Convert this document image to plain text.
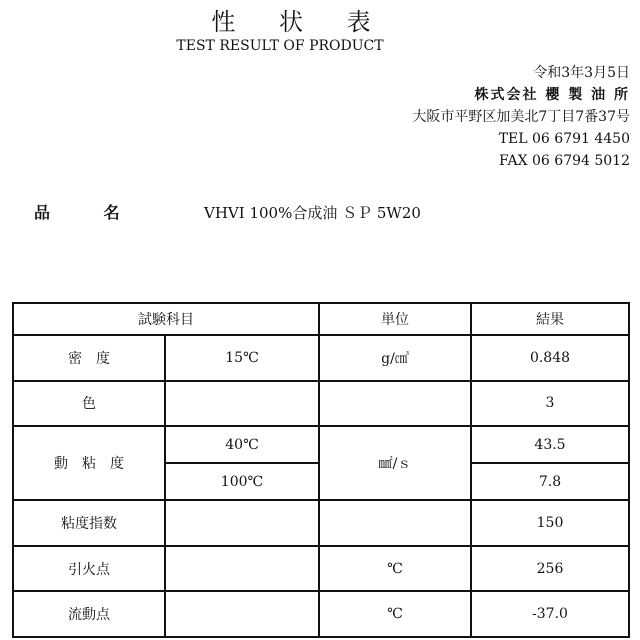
性 状 表
TEST RESULT OF PRODUCT
令和3年3月5日
株式会社 櫻 製 油 所
大阪市平野区加美北7丁目7番37号
TEL 06 6791 4450
FAX 06 6794 5012
品 名	VHVI 100%合成油 ＳＰ 5W20
試験科目		単位	結果
密　度	15℃	g/㎤	0.848
色			3
動　粘　度	40℃	㎟/ｓ	43.5
	100℃		7.8
粘度指数			150
引火点		℃	256
流動点		℃	-37.0
